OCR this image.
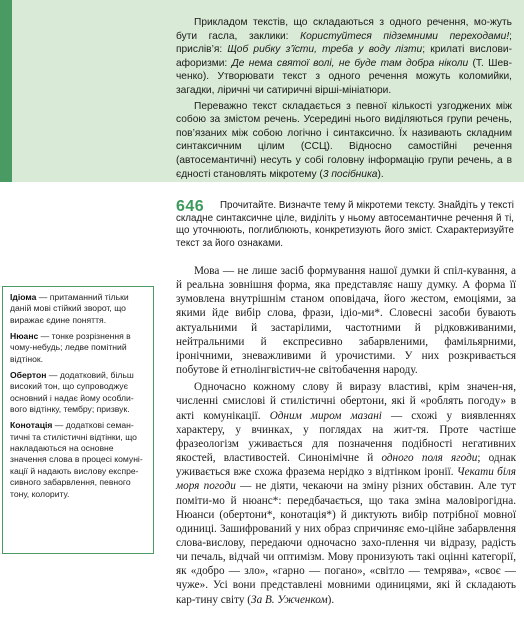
Прикладом текстів, що складаються з одного речення, мо-жуть бути гасла, заклики: Користуйтеся підземними переходами!; прислів’я: Щоб рибку з’їсти, треба у воду лізти; крилаті вислови-афоризми: Де нема святої волі, не буде там добра ніколи (Т. Шев-ченко). Утворювати текст з одного речення можуть коломийки, загадки, ліричні чи сатиричні вірші-мініатюри.

Переважно текст складається з певної кількості узгоджених між собою за змістом речень. Усередині нього виділяються групи речень, пов’язаних між собою логічно і синтаксично. Їх називають складним синтаксичним цілим (ССЦ). Відносно самостійні речення (автосемантичні) несуть у собі головну інформацію групи речень, а в єдності становлять мікротему (3 посібника).

646	Прочитайте. Визначте тему й мікротеми тексту. Знайдіть у тексті складне синтаксичне ціле, виділіть у ньому автосемантичне речення й ті, що уточнюють, поглиблюють, конкретизують його зміст. Схарактеризуйте текст за його ознаками.

Мова — не лише засіб формування нашої думки й спіл-кування, а й реальна зовнішня форма, яка представляє нашу думку. А форма її зумовлена внутрішнім станом оповідача, його жестом, емоціями, за якими йде вибір слова, фрази, ідіо-ми*. Словесні засоби бувають актуальними й застарілими, частотними й рідковживаними, нейтральними й експресивно забарвленими, фамільярними, іронічними, зневажливими й урочистими. У них розкривається побутове й етнолінгвістич-не світобачення народу.

Одночасно кожному слову й виразу властиві, крім значен-ня, численні смислові й стилістичні обертони, які й «роблять погоду» в акті комунікації. Одним миром мазані — схожі у виявленнях характеру, у вчинках, у поглядах на жит-тя. Проте частіше фразеологізм уживається для позначення подібності негативних якостей, властивостей. Синонімічне й одного поля ягоди; однак уживається вже схожа фразема нерідко з відтінком іронії. Чекати біля моря погоди — не діяти, чекаючи на зміну різних обставин. Але тут поміти-мо й нюанс*: передбачається, що така зміна маловірогідна. Нюанси (обертони*, конотація*) й диктують вибір потрібної мовної одиниці. Зашифрований у них образ спричиняє емо-ційне забарвлення слова-вислову, передаючи одночасно захо-плення чи відразу, радість чи печаль, відчай чи оптимізм. Мову пронизують такі оцінні категорії, як «добро — зло», «гарно — погано», «світло — темрява», «своє — чуже». Усі вони представлені мовними одиницями, які й складають кар-тину світу (За В. Ужченком).

Ідіома — притаманний тільки даній мові стійкий зворот, що виражає єдине поняття.

Нюанс — тонке розрізнення в чому-небудь; ледве помітний відтінок.

Обертон — додатковий, більш високий тон, що супроводжує основний і надає йому особли-вого відтінку, тембру; призвук.

Конотація — додаткові семан-тичні та стилістичні відтінки, що накладаються на основне значення слова в процесі комуні-кації й надають вислову експре-сивного забарвлення, певного тону, колориту.
